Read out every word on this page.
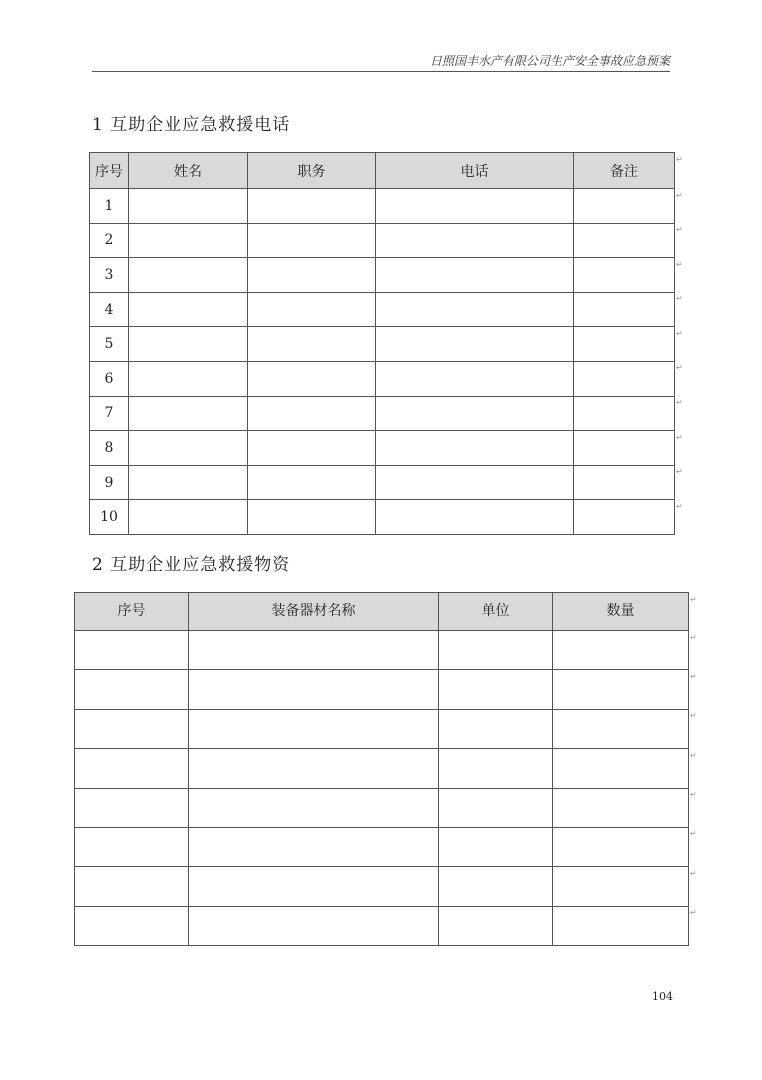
日照国丰水产有限公司生产安全事故应急预案
1 互助企业应急救援电话
序号	姓名	职务	电话	备注
1				
2				
3				
4				
5				
6				
7				
8				
9				
10				
2 互助企业应急救援物资
序号	装备器材名称	单位	数量

104
↵
↵
↵
↵
↵
↵
↵
↵
↵
↵
↵
↵
↵
↵
↵
↵
↵
↵
↵
↵
